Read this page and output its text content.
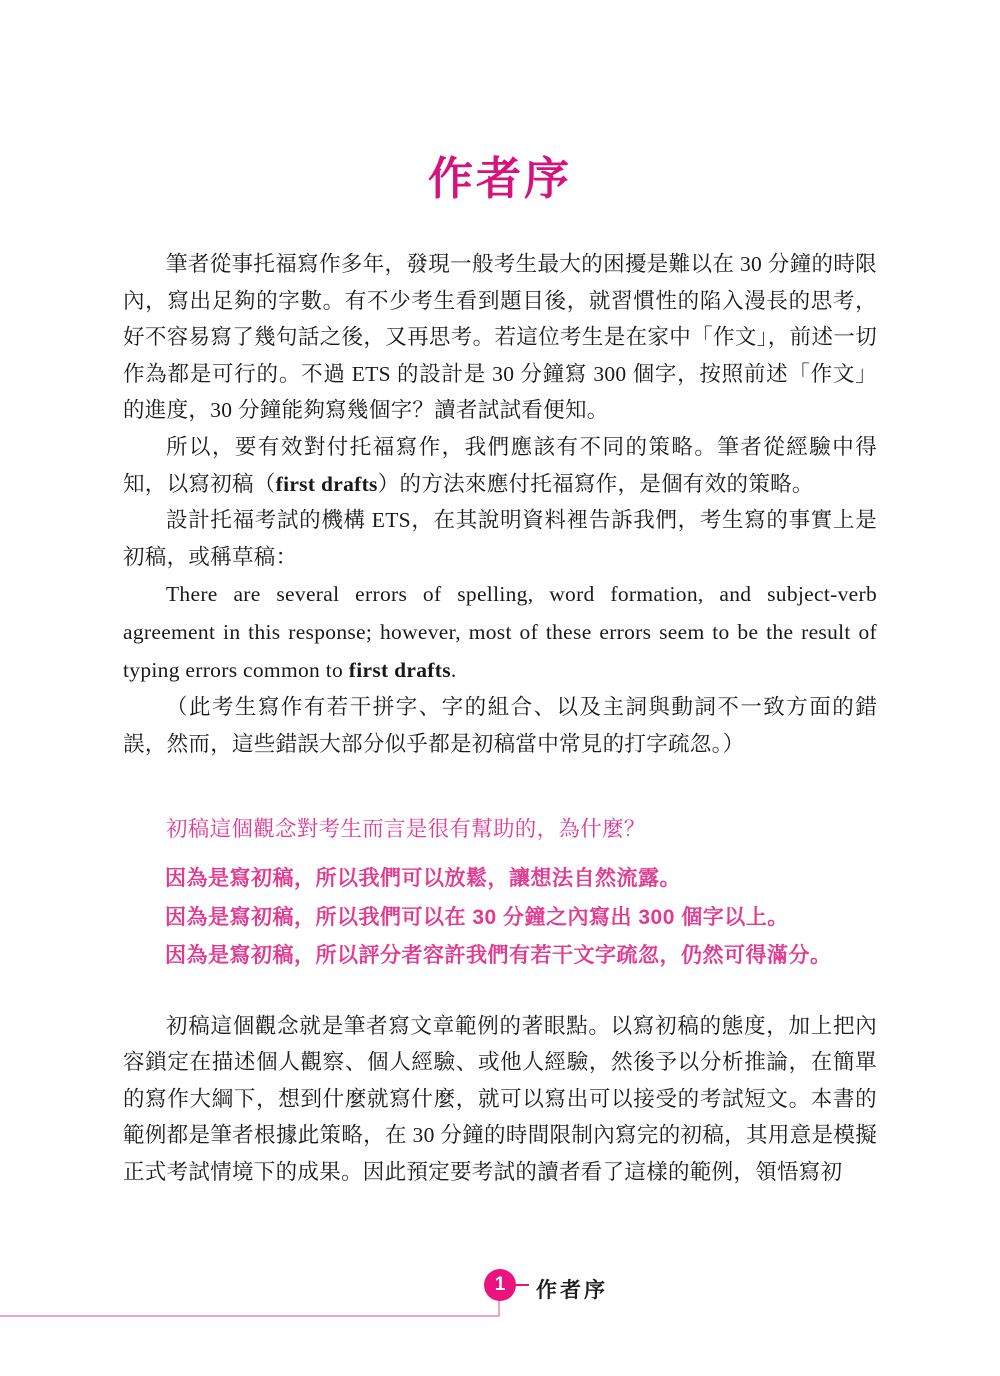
作者序

筆者從事托福寫作多年，發現一般考生最大的困擾是難以在 30 分鐘的時限內，寫出足夠的字數。有不少考生看到題目後，就習慣性的陷入漫長的思考，好不容易寫了幾句話之後，又再思考。若這位考生是在家中「作文」，前述一切作為都是可行的。不過 ETS 的設計是 30 分鐘寫 300 個字，按照前述「作文」的進度，30 分鐘能夠寫幾個字？讀者試試看便知。

所以，要有效對付托福寫作，我們應該有不同的策略。筆者從經驗中得知，以寫初稿（first drafts）的方法來應付托福寫作，是個有效的策略。

設計托福考試的機構 ETS，在其說明資料裡告訴我們，考生寫的事實上是初稿，或稱草稿：

There are several errors of spelling, word formation, and subject-verb agreement in this response; however, most of these errors seem to be the result of typing errors common to first drafts.

（此考生寫作有若干拼字、字的組合、以及主詞與動詞不一致方面的錯誤，然而，這些錯誤大部分似乎都是初稿當中常見的打字疏忽。）

初稿這個觀念對考生而言是很有幫助的，為什麼？

因為是寫初稿，所以我們可以放鬆，讓想法自然流露。

因為是寫初稿，所以我們可以在 30 分鐘之內寫出 300 個字以上。

因為是寫初稿，所以評分者容許我們有若干文字疏忽，仍然可得滿分。

初稿這個觀念就是筆者寫文章範例的著眼點。以寫初稿的態度，加上把內容鎖定在描述個人觀察、個人經驗、或他人經驗，然後予以分析推論，在簡單的寫作大綱下，想到什麼就寫什麼，就可以寫出可以接受的考試短文。本書的範例都是筆者根據此策略，在 30 分鐘的時間限制內寫完的初稿，其用意是模擬正式考試情境下的成果。因此預定要考試的讀者看了這樣的範例，領悟寫初

1	作者序
